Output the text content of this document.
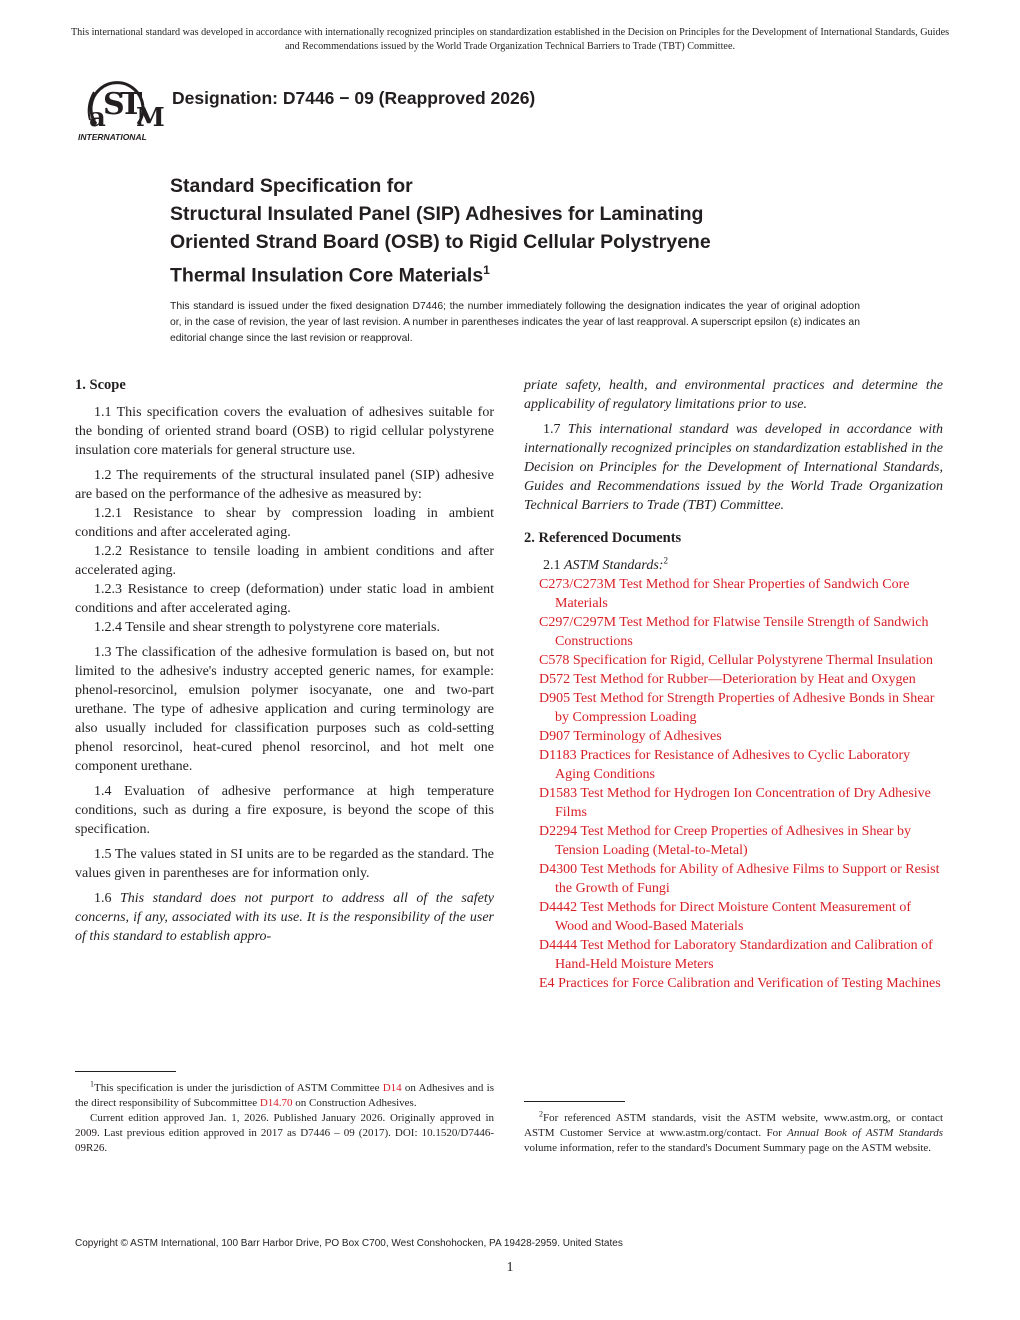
This international standard was developed in accordance with internationally recognized principles on standardization established in the Decision on Principles for the Development of International Standards, Guides and Recommendations issued by the World Trade Organization Technical Barriers to Trade (TBT) Committee.
a
S
T
M
INTERNATIONAL
Designation: D7446 − 09 (Reapproved 2026)
Standard Specification for
Structural Insulated Panel (SIP) Adhesives for Laminating
Oriented Strand Board (OSB) to Rigid Cellular Polystryene
Thermal Insulation Core Materials$^1$
This standard is issued under the fixed designation D7446; the number immediately following the designation indicates the year of original adoption or, in the case of revision, the year of last revision. A number in parentheses indicates the year of last reapproval. A superscript epsilon (ε) indicates an editorial change since the last revision or reapproval.

1. Scope

1.1 This specification covers the evaluation of adhesives suitable for the bonding of oriented strand board (OSB) to rigid cellular polystyrene insulation core materials for general structure use.

1.2 The requirements of the structural insulated panel (SIP) adhesive are based on the performance of the adhesive as measured by:

1.2.1 Resistance to shear by compression loading in ambient conditions and after accelerated aging.

1.2.2 Resistance to tensile loading in ambient conditions and after accelerated aging.

1.2.3 Resistance to creep (deformation) under static load in ambient conditions and after accelerated aging.

1.2.4 Tensile and shear strength to polystyrene core materials.

1.3 The classification of the adhesive formulation is based on, but not limited to the adhesive's industry accepted generic names, for example: phenol-resorcinol, emulsion polymer isocyanate, one and two-part urethane. The type of adhesive application and curing terminology are also usually included for classification purposes such as cold-setting phenol resorcinol, heat-cured phenol resorcinol, and hot melt one component urethane.

1.4 Evaluation of adhesive performance at high temperature conditions, such as during a fire exposure, is beyond the scope of this specification.

1.5 The values stated in SI units are to be regarded as the standard. The values given in parentheses are for information only.

1.6 This standard does not purport to address all of the safety concerns, if any, associated with its use. It is the responsibility of the user of this standard to establish appro-

priate safety, health, and environmental practices and determine the applicability of regulatory limitations prior to use.

1.7 This international standard was developed in accordance with internationally recognized principles on standardization established in the Decision on Principles for the Development of International Standards, Guides and Recommendations issued by the World Trade Organization Technical Barriers to Trade (TBT) Committee.

2. Referenced Documents

2.1 ASTM Standards:$^2$

C273/C273M Test Method for Shear Properties of Sandwich Core Materials

C297/C297M Test Method for Flatwise Tensile Strength of Sandwich Constructions

C578 Specification for Rigid, Cellular Polystyrene Thermal Insulation

D572 Test Method for Rubber—Deterioration by Heat and Oxygen

D905 Test Method for Strength Properties of Adhesive Bonds in Shear by Compression Loading

D907 Terminology of Adhesives

D1183 Practices for Resistance of Adhesives to Cyclic Laboratory Aging Conditions

D1583 Test Method for Hydrogen Ion Concentration of Dry Adhesive Films

D2294 Test Method for Creep Properties of Adhesives in Shear by Tension Loading (Metal-to-Metal)

D4300 Test Methods for Ability of Adhesive Films to Support or Resist the Growth of Fungi

D4442 Test Methods for Direct Moisture Content Measurement of Wood and Wood-Based Materials

D4444 Test Method for Laboratory Standardization and Calibration of Hand-Held Moisture Meters

E4 Practices for Force Calibration and Verification of Testing Machines

$^1$This specification is under the jurisdiction of ASTM Committee D14 on Adhesives and is the direct responsibility of Subcommittee D14.70 on Construction Adhesives.

Current edition approved Jan. 1, 2026. Published January 2026. Originally approved in 2009. Last previous edition approved in 2017 as D7446 – 09 (2017). DOI: 10.1520/D7446-09R26.

$^2$For referenced ASTM standards, visit the ASTM website, www.astm.org, or contact ASTM Customer Service at www.astm.org/contact. For Annual Book of ASTM Standards volume information, refer to the standard's Document Summary page on the ASTM website.

Copyright © ASTM International, 100 Barr Harbor Drive, PO Box C700, West Conshohocken, PA 19428-2959. United States
1
